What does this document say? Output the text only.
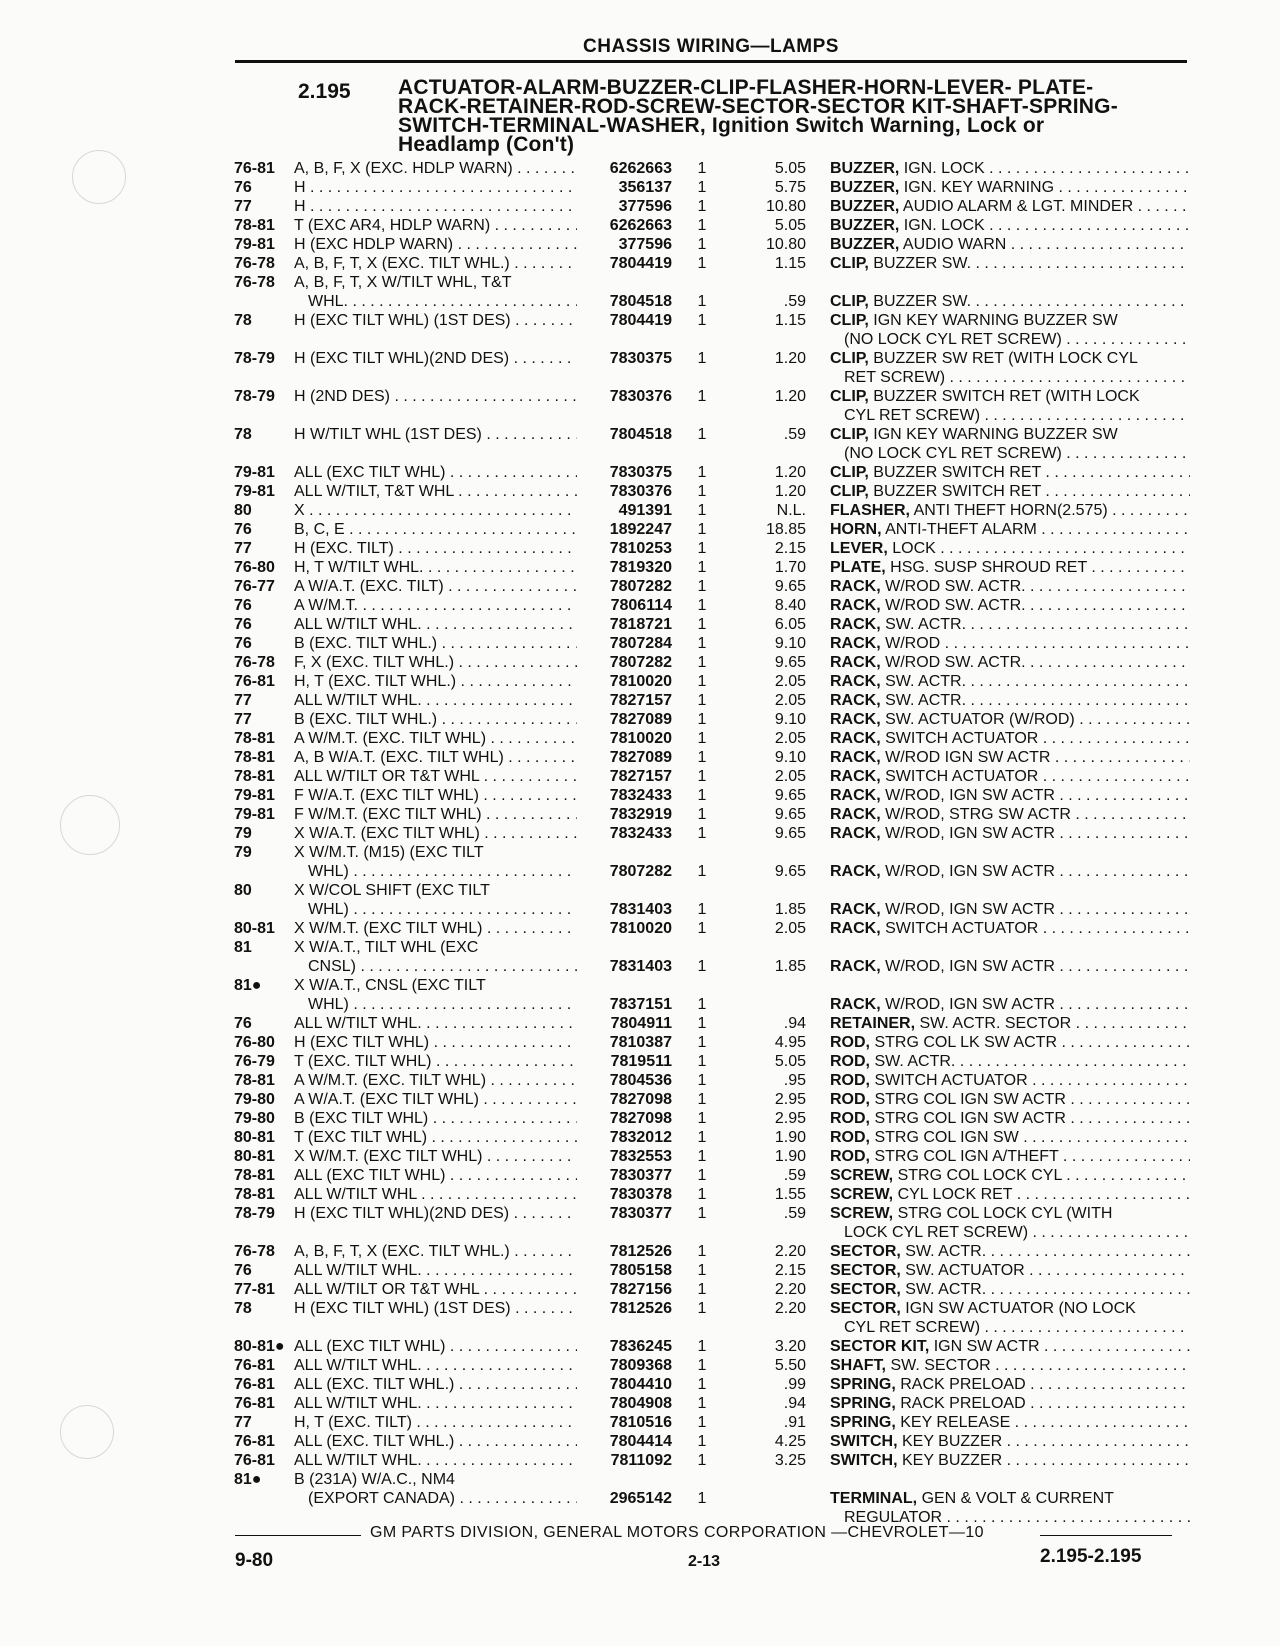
CHASSIS WIRING—LAMPS
2.195 ACTUATOR-ALARM-BUZZER-CLIP-FLASHER-HORN-LEVER- PLATE-
RACK-RETAINER-ROD-SCREW-SECTOR-SECTOR KIT-SHAFT-SPRING-
SWITCH-TERMINAL-WASHER, Ignition Switch Warning, Lock or
Headlamp (Con't)
76-81	A, B, F, X (EXC. HDLP WARN) . . .	6262663	1	5.05		BUZZER, IGN. LOCK . . .

76	H . . .	356137	1	5.75		BUZZER, IGN. KEY WARNING . . .

77	H . . .	377596	1	10.80		BUZZER, AUDIO ALARM & LGT. MINDER . . .

78-81	T (EXC AR4, HDLP WARN) . . .	6262663	1	5.05		BUZZER, IGN. LOCK . . .

79-81	H (EXC HDLP WARN) . . .	377596	1	10.80		BUZZER, AUDIO WARN . . .

76-78	A, B, F, T, X (EXC. TILT WHL.) . . .	7804419	1	1.15		CLIP, BUZZER SW. . . .

76-78	A, B, F, T, X W/TILT WHL, T&T					

	WHL. . . .	7804518	1	.59		CLIP, BUZZER SW. . . .

78	H (EXC TILT WHL) (1ST DES) . . .	7804419	1	1.15		CLIP, IGN KEY WARNING BUZZER SW

						(NO LOCK CYL RET SCREW) . . .

78-79	H (EXC TILT WHL)(2ND DES) . . .	7830375	1	1.20		CLIP, BUZZER SW RET (WITH LOCK CYL

						RET SCREW) . . .

78-79	H (2ND DES) . . .	7830376	1	1.20		CLIP, BUZZER SWITCH RET (WITH LOCK

						CYL RET SCREW) . . .

78	H W/TILT WHL (1ST DES) . . .	7804518	1	.59		CLIP, IGN KEY WARNING BUZZER SW

						(NO LOCK CYL RET SCREW) . . .

79-81	ALL (EXC TILT WHL) . . .	7830375	1	1.20		CLIP, BUZZER SWITCH RET . . .

79-81	ALL W/TILT, T&T WHL . . .	7830376	1	1.20		CLIP, BUZZER SWITCH RET . . .

80	X . . .	491391	1	N.L.		FLASHER, ANTI THEFT HORN(2.575) . . .

76	B, C, E . . .	1892247	1	18.85		HORN, ANTI-THEFT ALARM . . .

77	H (EXC. TILT) . . .	7810253	1	2.15		LEVER, LOCK . . .

76-80	H, T W/TILT WHL. . . .	7819320	1	1.70		PLATE, HSG. SUSP SHROUD RET . . .

76-77	A W/A.T. (EXC. TILT) . . .	7807282	1	9.65		RACK, W/ROD SW. ACTR. . . .

76	A W/M.T. . . .	7806114	1	8.40		RACK, W/ROD SW. ACTR. . . .

76	ALL W/TILT WHL. . . .	7818721	1	6.05		RACK, SW. ACTR. . . .

76	B (EXC. TILT WHL.) . . .	7807284	1	9.10		RACK, W/ROD . . .

76-78	F, X (EXC. TILT WHL.) . . .	7807282	1	9.65		RACK, W/ROD SW. ACTR. . . .

76-81	H, T (EXC. TILT WHL.) . . .	7810020	1	2.05		RACK, SW. ACTR. . . .

77	ALL W/TILT WHL. . . .	7827157	1	2.05		RACK, SW. ACTR. . . .

77	B (EXC. TILT WHL.) . . .	7827089	1	9.10		RACK, SW. ACTUATOR (W/ROD) . . .

78-81	A W/M.T. (EXC. TILT WHL) . . .	7810020	1	2.05		RACK, SWITCH ACTUATOR . . .

78-81	A, B W/A.T. (EXC. TILT WHL) . . .	7827089	1	9.10		RACK, W/ROD IGN SW ACTR . . .

78-81	ALL W/TILT OR T&T WHL . . .	7827157	1	2.05		RACK, SWITCH ACTUATOR . . .

79-81	F W/A.T. (EXC TILT WHL) . . .	7832433	1	9.65		RACK, W/ROD, IGN SW ACTR . . .

79-81	F W/M.T. (EXC TILT WHL) . . .	7832919	1	9.65		RACK, W/ROD, STRG SW ACTR . . .

79	X W/A.T. (EXC TILT WHL) . . .	7832433	1	9.65		RACK, W/ROD, IGN SW ACTR . . .

79	X W/M.T. (M15) (EXC TILT					

	WHL) . . .	7807282	1	9.65		RACK, W/ROD, IGN SW ACTR . . .

80	X W/COL SHIFT (EXC TILT					

	WHL) . . .	7831403	1	1.85		RACK, W/ROD, IGN SW ACTR . . .

80-81	X W/M.T. (EXC TILT WHL) . . .	7810020	1	2.05		RACK, SWITCH ACTUATOR . . .

81	X W/A.T., TILT WHL (EXC					

	CNSL) . . .	7831403	1	1.85		RACK, W/ROD, IGN SW ACTR . . .

81●	X W/A.T., CNSL (EXC TILT					

	WHL) . . .	7837151	1			RACK, W/ROD, IGN SW ACTR . . .

76	ALL W/TILT WHL. . . .	7804911	1	.94		RETAINER, SW. ACTR. SECTOR . . .

76-80	H (EXC TILT WHL) . . .	7810387	1	4.95		ROD, STRG COL LK SW ACTR . . .

76-79	T (EXC. TILT WHL) . . .	7819511	1	5.05		ROD, SW. ACTR. . . .

78-81	A W/M.T. (EXC. TILT WHL) . . .	7804536	1	.95		ROD, SWITCH ACTUATOR . . .

79-80	A W/A.T. (EXC TILT WHL) . . .	7827098	1	2.95		ROD, STRG COL IGN SW ACTR . . .

79-80	B (EXC TILT WHL) . . .	7827098	1	2.95		ROD, STRG COL IGN SW ACTR . . .

80-81	T (EXC TILT WHL) . . .	7832012	1	1.90		ROD, STRG COL IGN SW . . .

80-81	X W/M.T. (EXC TILT WHL) . . .	7832553	1	1.90		ROD, STRG COL IGN A/THEFT . . .

78-81	ALL (EXC TILT WHL) . . .	7830377	1	.59		SCREW, STRG COL LOCK CYL . . .

78-81	ALL W/TILT WHL . . .	7830378	1	1.55		SCREW, CYL LOCK RET . . .

78-79	H (EXC TILT WHL)(2ND DES) . . .	7830377	1	.59		SCREW, STRG COL LOCK CYL (WITH

						LOCK CYL RET SCREW) . . .

76-78	A, B, F, T, X (EXC. TILT WHL.) . . .	7812526	1	2.20		SECTOR, SW. ACTR. . . .

76	ALL W/TILT WHL. . . .	7805158	1	2.15		SECTOR, SW. ACTUATOR . . .

77-81	ALL W/TILT OR T&T WHL . . .	7827156	1	2.20		SECTOR, SW. ACTR. . . .

78	H (EXC TILT WHL) (1ST DES) . . .	7812526	1	2.20		SECTOR, IGN SW ACTUATOR (NO LOCK

						CYL RET SCREW) . . .

80-81●	ALL (EXC TILT WHL) . . .	7836245	1	3.20		SECTOR KIT, IGN SW ACTR . . .

76-81	ALL W/TILT WHL. . . .	7809368	1	5.50		SHAFT, SW. SECTOR . . .

76-81	ALL (EXC. TILT WHL.) . . .	7804410	1	.99		SPRING, RACK PRELOAD . . .

76-81	ALL W/TILT WHL. . . .	7804908	1	.94		SPRING, RACK PRELOAD . . .

77	H, T (EXC. TILT) . . .	7810516	1	.91		SPRING, KEY RELEASE . . .

76-81	ALL (EXC. TILT WHL.) . . .	7804414	1	4.25		SWITCH, KEY BUZZER . . .

76-81	ALL W/TILT WHL. . . .	7811092	1	3.25		SWITCH, KEY BUZZER . . .

81●	B (231A) W/A.C., NM4					

	(EXPORT CANADA) . . .	2965142	1			TERMINAL, GEN & VOLT & CURRENT

						REGULATOR . . .
GM PARTS DIVISION, GENERAL MOTORS CORPORATION —CHEVROLET—10
9-80	2-13	2.195-2.195
